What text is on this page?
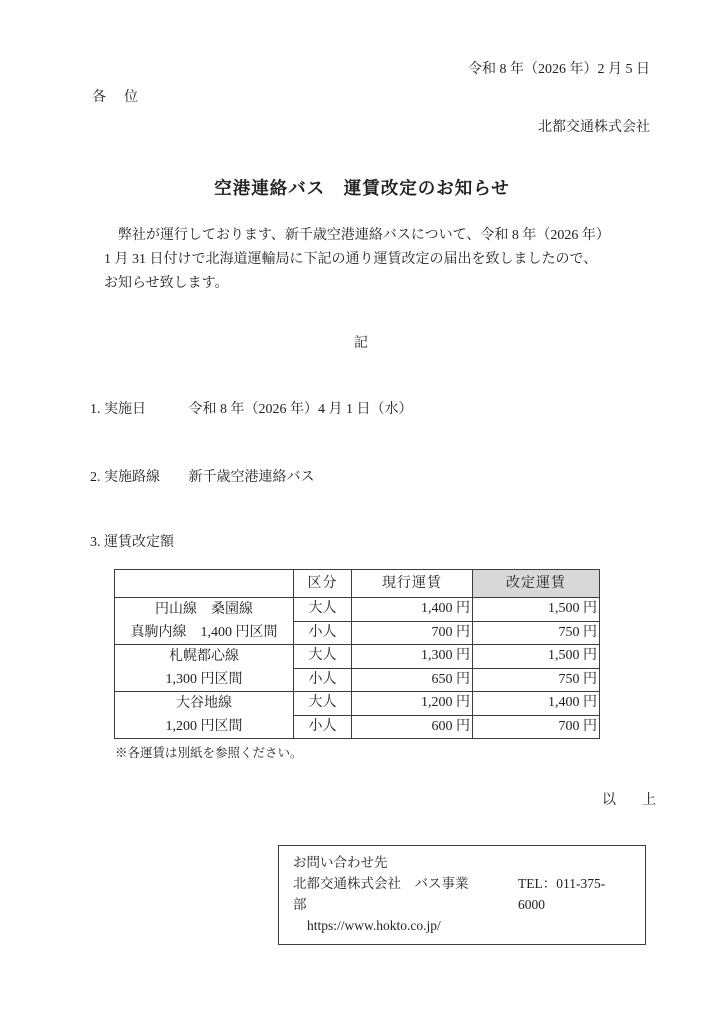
令和 8 年（2026 年）2 月 5 日
各　位
北都交通株式会社
空港連絡バス　運賃改定のお知らせ
弊社が運行しております、新千歳空港連絡バスについて、令和 8 年（2026 年）
1 月 31 日付けで北海道運輸局に下記の通り運賃改定の届出を致しましたので、
お知らせ致します。
記
1. 実施日	令和 8 年（2026 年）4 月 1 日（水）
2. 実施路線 新千歳空港連絡バス
3. 運賃改定額
	区分	現行運賃	改定運賃

円山線　桑園線
真駒内線　1,400 円区間	大人	1,400 円	1,500 円
	小人	700 円	750 円

札幌都心線
1,300 円区間	大人	1,300 円	1,500 円
	小人	650 円	750 円

大谷地線
1,200 円区間	大人	1,200 円	1,400 円
	小人	600 円	700 円
※各運賃は別紙を参照ください。
以　上
お問い合わせ先
北都交通株式会社　バス事業部
TEL：011-375-6000
https://www.hokto.co.jp/
